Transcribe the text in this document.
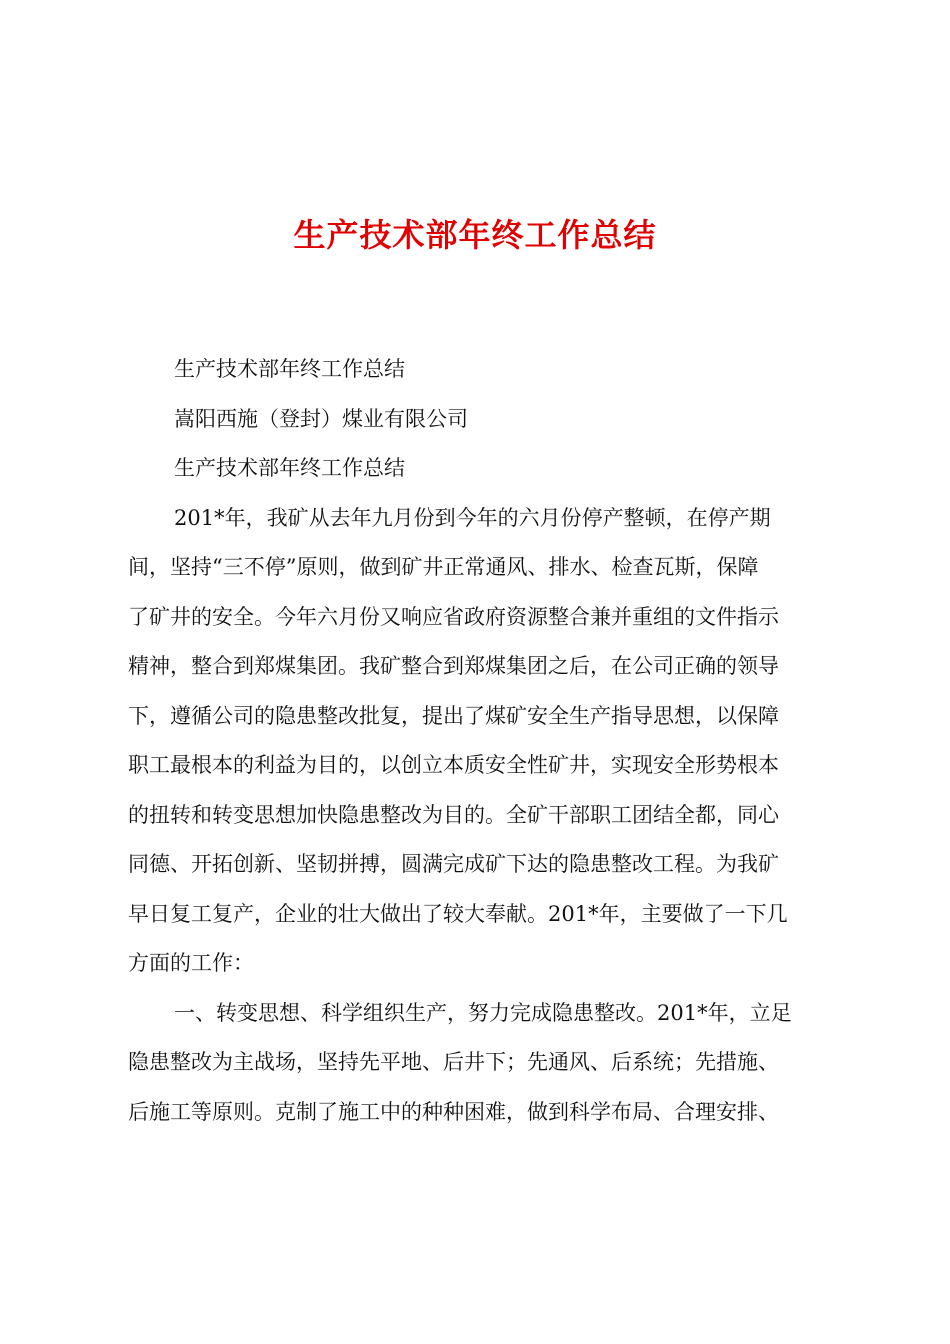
生产技术部年终工作总结

生产技术部年终工作总结

嵩阳西施（登封）煤业有限公司

生产技术部年终工作总结

201*年，我矿从去年九月份到今年的六月份停产整顿，在停产期

间，坚持“三不停”原则，做到矿井正常通风、排水、检查瓦斯，保障

了矿井的安全。今年六月份又响应省政府资源整合兼并重组的文件指示

精神，整合到郑煤集团。我矿整合到郑煤集团之后，在公司正确的领导

下，遵循公司的隐患整改批复，提出了煤矿安全生产指导思想，以保障

职工最根本的利益为目的，以创立本质安全性矿井，实现安全形势根本

的扭转和转变思想加快隐患整改为目的。全矿干部职工团结全都，同心

同德、开拓创新、坚韧拼搏，圆满完成矿下达的隐患整改工程。为我矿

早日复工复产，企业的壮大做出了较大奉献。201*年，主要做了一下几

方面的工作：

一、转变思想、科学组织生产，努力完成隐患整改。201*年，立足

隐患整改为主战场，坚持先平地、后井下；先通风、后系统；先措施、

后施工等原则。克制了施工中的种种困难，做到科学布局、合理安排、
